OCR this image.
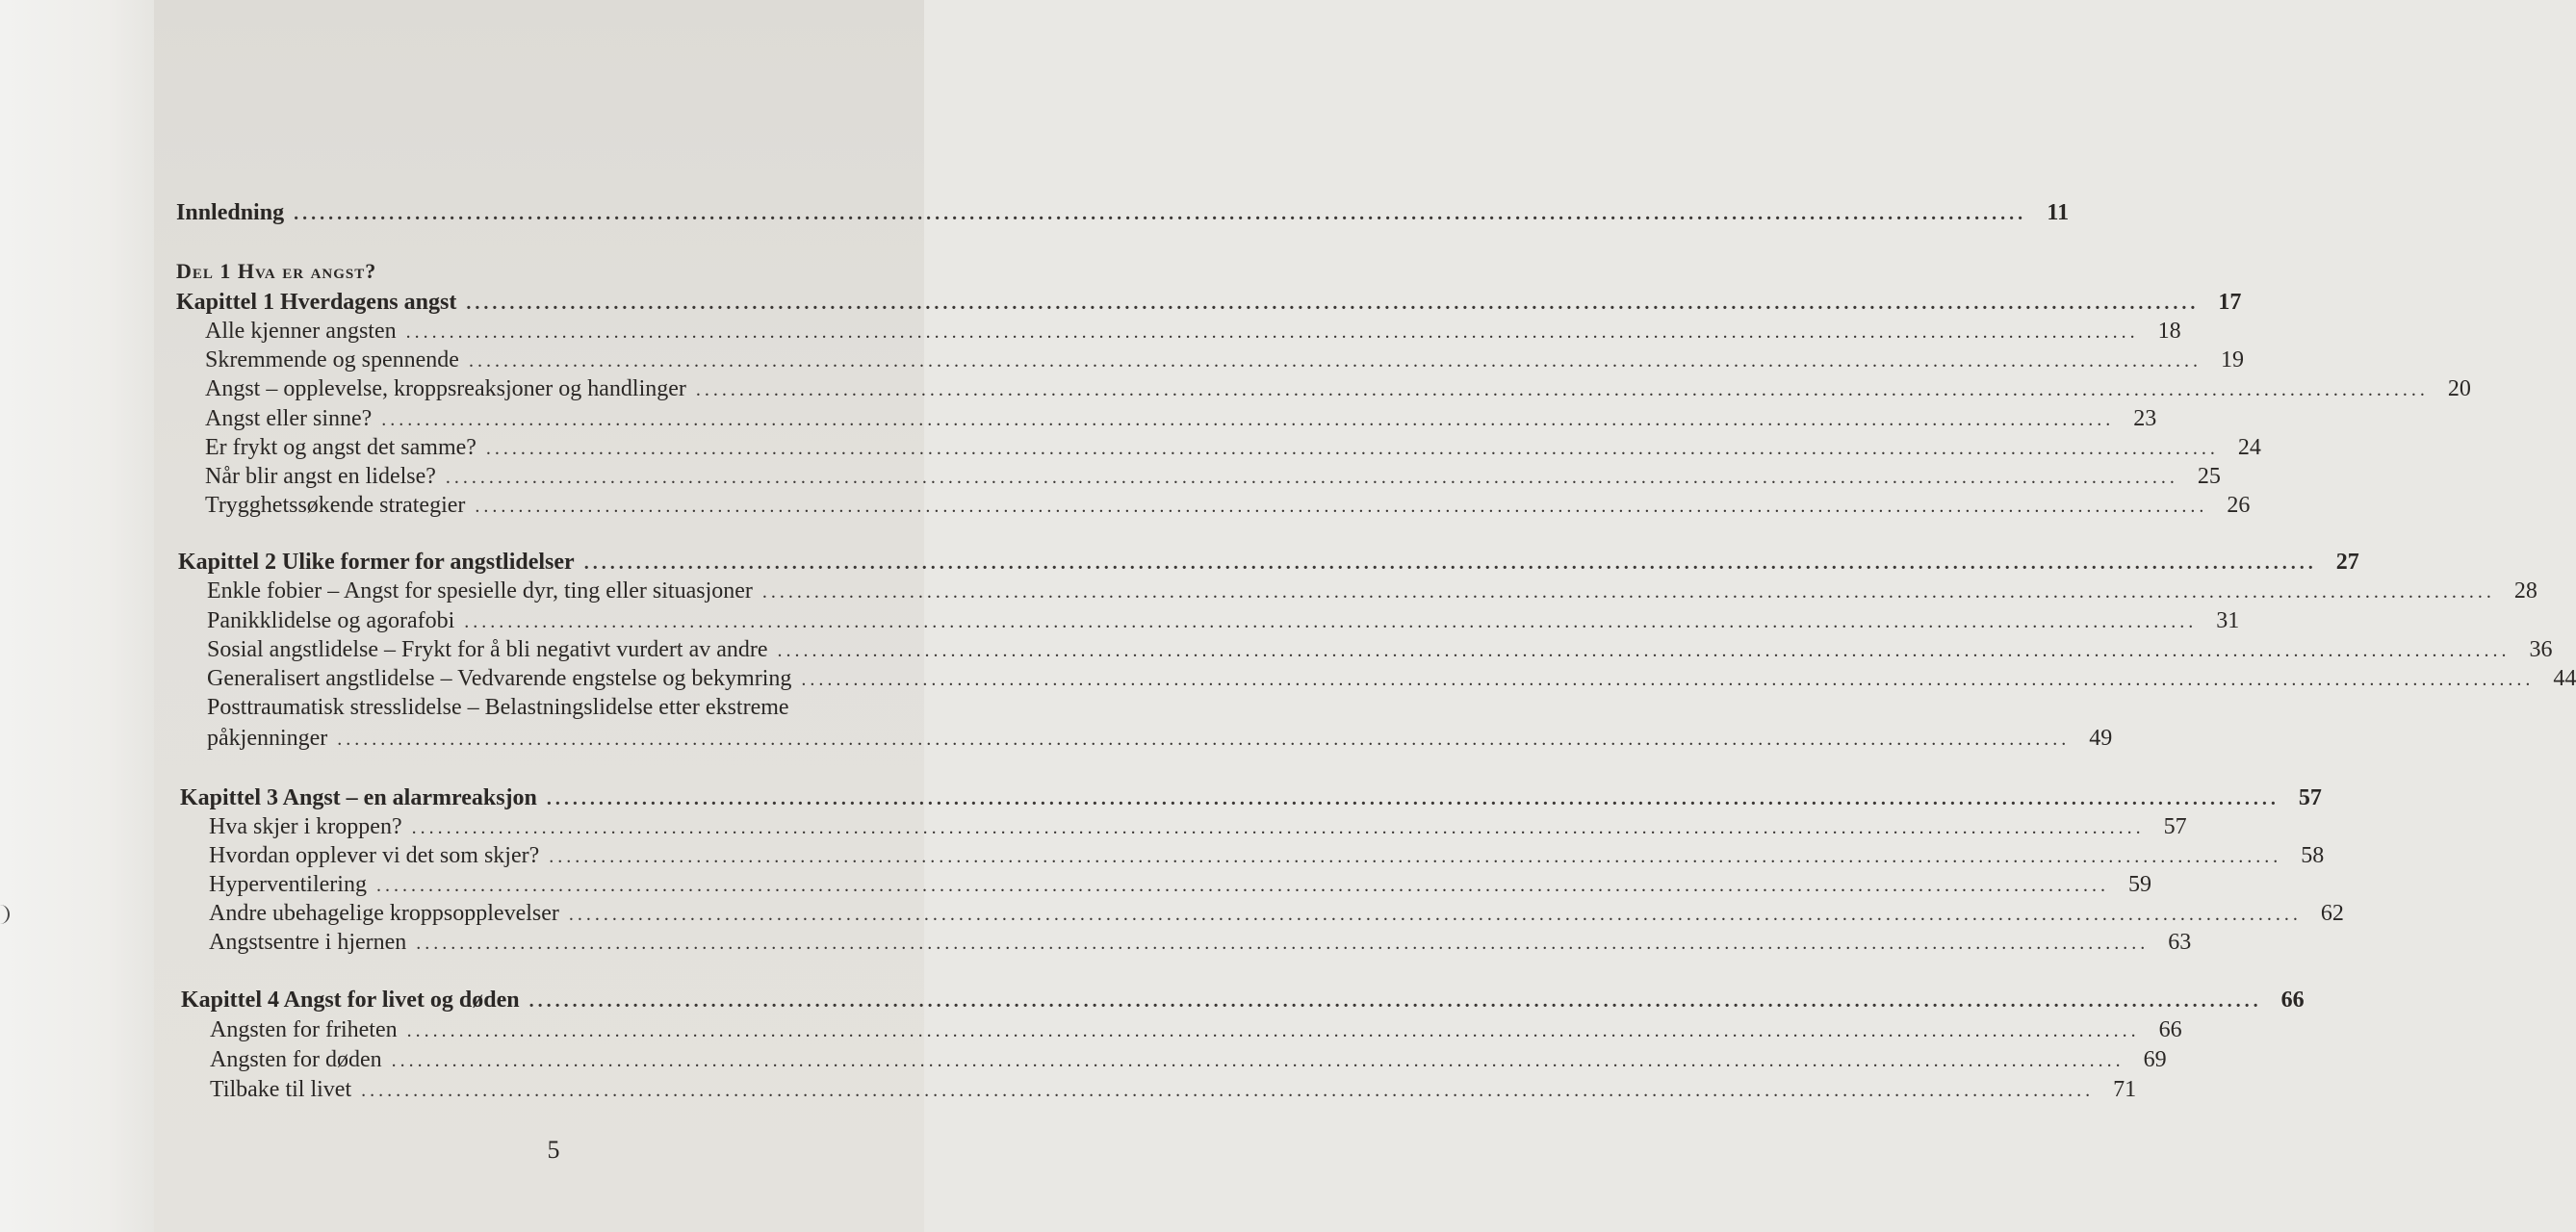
Innledning ........................................................................................................................................................................................................ 11
Del 1 Hva er angst?
Kapittel 1 Hverdagens angst ........................................................................................................................................................................................................ 17
Alle kjenner angsten ........................................................................................................................................................................................................ 18
Skremmende og spennende ........................................................................................................................................................................................................ 19
Angst – opplevelse, kroppsreaksjoner og handlinger ........................................................................................................................................................................................................ 20
Angst eller sinne? ........................................................................................................................................................................................................ 23
Er frykt og angst det samme? ........................................................................................................................................................................................................ 24
Når blir angst en lidelse? ........................................................................................................................................................................................................ 25
Trygghetssøkende strategier ........................................................................................................................................................................................................ 26
Kapittel 2 Ulike former for angstlidelser ........................................................................................................................................................................................................ 27
Enkle fobier – Angst for spesielle dyr, ting eller situasjoner ........................................................................................................................................................................................................ 28
Panikklidelse og agorafobi ........................................................................................................................................................................................................ 31
Sosial angstlidelse – Frykt for å bli negativt vurdert av andre ........................................................................................................................................................................................................ 36
Generalisert angstlidelse – Vedvarende engstelse og bekymring ........................................................................................................................................................................................................ 44
Posttraumatisk stresslidelse – Belastningslidelse etter ekstreme
påkjenninger ........................................................................................................................................................................................................ 49
Kapittel 3 Angst – en alarmreaksjon ........................................................................................................................................................................................................ 57
Hva skjer i kroppen? ........................................................................................................................................................................................................ 57
Hvordan opplever vi det som skjer? ........................................................................................................................................................................................................ 58
Hyperventilering ........................................................................................................................................................................................................ 59
Andre ubehagelige kroppsopplevelser ........................................................................................................................................................................................................ 62
Angstsentre i hjernen ........................................................................................................................................................................................................ 63
Kapittel 4 Angst for livet og døden ........................................................................................................................................................................................................ 66
Angsten for friheten ........................................................................................................................................................................................................ 66
Angsten for døden ........................................................................................................................................................................................................ 69
Tilbake til livet ........................................................................................................................................................................................................ 71
5
